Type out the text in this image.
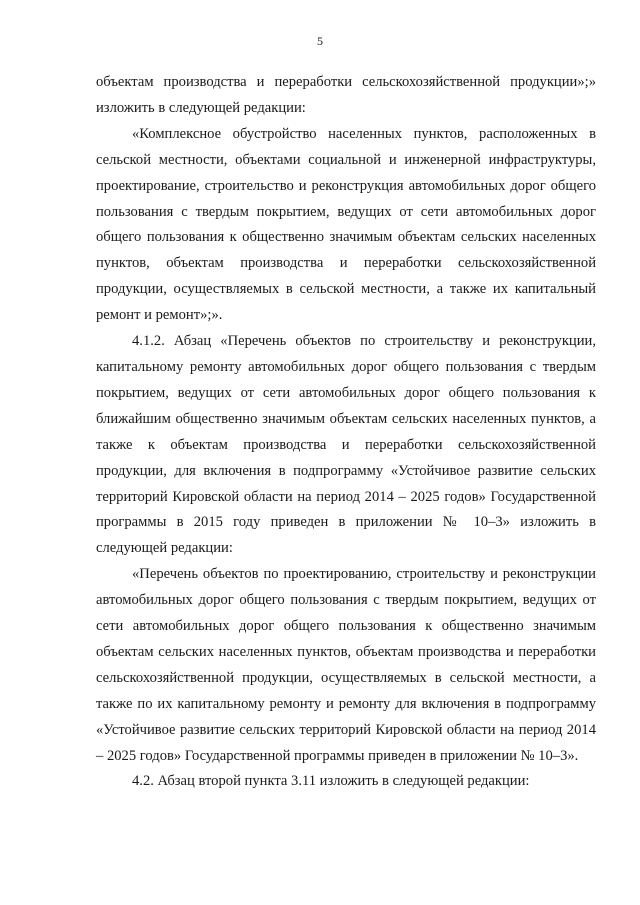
5

объектам производства и переработки сельскохозяйственной продукции»;» изложить в следующей редакции:

«Комплексное обустройство населенных пунктов, расположенных в сельской местности, объектами социальной и инженерной инфраструктуры, проектирование, строительство и реконструкция автомобильных дорог общего пользования с твердым покрытием, ведущих от сети автомобильных дорог общего пользования к общественно значимым объектам сельских населенных пунктов, объектам производства и переработки сельскохозяйственной продукции, осуществляемых в сельской местности, а также их капитальный ремонт и ремонт»;».

4.1.2. Абзац «Перечень объектов по строительству и реконструкции, капитальному ремонту автомобильных дорог общего пользования с твердым покрытием, ведущих от сети автомобильных дорог общего пользования к ближайшим общественно значимым объектам сельских населенных пунктов, а также к объектам производства и переработки сельскохозяйственной продукции, для включения в подпрограмму «Устойчивое развитие сельских территорий Кировской области на период 2014 – 2025 годов» Государственной программы в 2015 году приведен в приложении № 10–3» изложить в следующей редакции:

«Перечень объектов по проектированию, строительству и реконструкции автомобильных дорог общего пользования с твердым покрытием, ведущих от сети автомобильных дорог общего пользования к общественно значимым объектам сельских населенных пунктов, объектам производства и переработки сельскохозяйственной продукции, осуществляемых в сельской местности, а также по их капитальному ремонту и ремонту для включения в подпрограмму «Устойчивое развитие сельских территорий Кировской области на период 2014 – 2025 годов» Государственной программы приведен в приложении № 10–3».

4.2. Абзац второй пункта 3.11 изложить в следующей редакции:
